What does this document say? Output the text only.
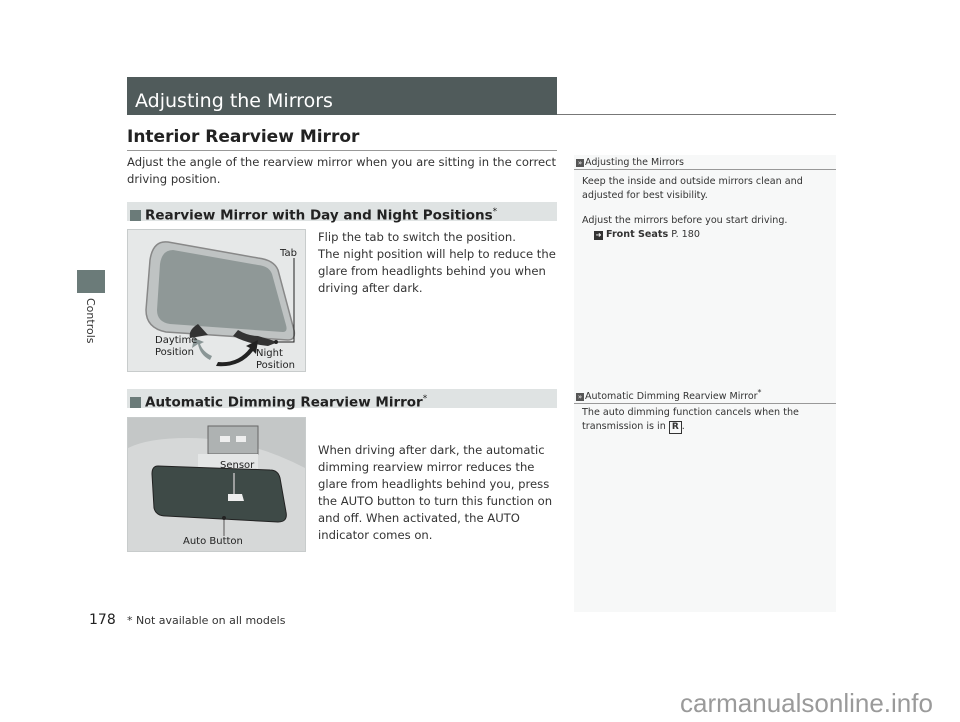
Adjusting the Mirrors
Interior Rearview Mirror
Adjust the angle of the rearview mirror when you are sitting in the correct driving position.
Rearview Mirror with Day and Night Positions*
Tab
Daytime Position	Night Position
Flip the tab to switch the position.
The night position will help to reduce the glare from headlights behind you when driving after dark.
Automatic Dimming Rearview Mirror*
Sensor
Auto Button
When driving after dark, the automatic dimming rearview mirror reduces the glare from headlights behind you, press the AUTO button to turn this function on and off. When activated, the AUTO indicator comes on.
» Adjusting the Mirrors
Keep the inside and outside mirrors clean and adjusted for best visibility.
Adjust the mirrors before you start driving.
➜ Front Seats P. 180
» Automatic Dimming Rearview Mirror*
The auto dimming function cancels when the transmission is in R .
Controls
178 * Not available on all models
carmanualsonline.info
